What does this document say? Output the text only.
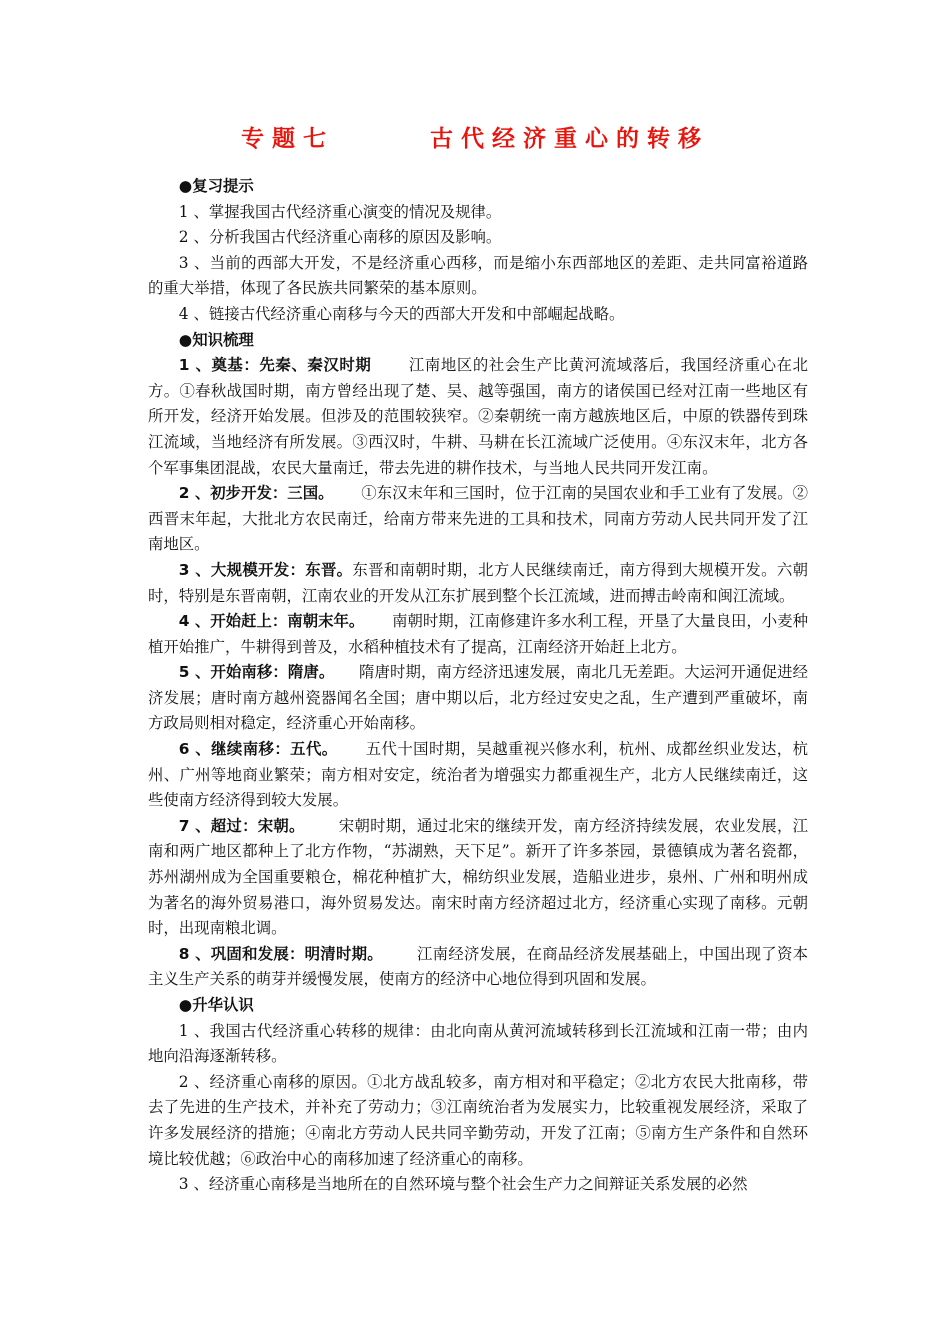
专题七      古代经济重心的转移

●复习提示

1 、掌握我国古代经济重心演变的情况及规律。

2 、分析我国古代经济重心南移的原因及影响。

3 、当前的西部大开发，不是经济重心西移，而是缩小东西部地区的差距、走共同富裕道路的重大举措，体现了各民族共同繁荣的基本原则。

4 、链接古代经济重心南移与今天的西部大开发和中部崛起战略。

●知识梳理

1 、奠基：先秦、秦汉时期 江南地区的社会生产比黄河流域落后，我国经济重心在北方。①春秋战国时期，南方曾经出现了楚、吴、越等强国，南方的诸侯国已经对江南一些地区有所开发，经济开始发展。但涉及的范围较狭窄。②秦朝统一南方越族地区后，中原的铁器传到珠江流域，当地经济有所发展。③西汉时，牛耕、马耕在长江流域广泛使用。④东汉末年，北方各个军事集团混战，农民大量南迁，带去先进的耕作技术，与当地人民共同开发江南。

2 、初步开发：三国。 ①东汉末年和三国时，位于江南的吴国农业和手工业有了发展。②西晋末年起，大批北方农民南迁，给南方带来先进的工具和技术，同南方劳动人民共同开发了江南地区。

3 、大规模开发：东晋。东晋和南朝时期，北方人民继续南迁，南方得到大规模开发。六朝时，特别是东晋南朝，江南农业的开发从江东扩展到整个长江流域，进而搏击岭南和闽江流域。

4 、开始赶上：南朝末年。 南朝时期，江南修建许多水利工程，开垦了大量良田，小麦种植开始推广，牛耕得到普及，水稻种植技术有了提高，江南经济开始赶上北方。

5 、开始南移：隋唐。 隋唐时期，南方经济迅速发展，南北几无差距。大运河开通促进经济发展；唐时南方越州瓷器闻名全国；唐中期以后，北方经过安史之乱，生产遭到严重破坏，南方政局则相对稳定，经济重心开始南移。

6 、继续南移：五代。 五代十国时期，吴越重视兴修水利，杭州、成都丝织业发达，杭州、广州等地商业繁荣；南方相对安定，统治者为增强实力都重视生产，北方人民继续南迁，这些使南方经济得到较大发展。

7 、超过：宋朝。 宋朝时期，通过北宋的继续开发，南方经济持续发展，农业发展，江南和两广地区都种上了北方作物，“苏湖熟，天下足”。新开了许多茶园，景德镇成为著名瓷都，苏州湖州成为全国重要粮仓，棉花种植扩大，棉纺织业发展，造船业进步，泉州、广州和明州成为著名的海外贸易港口，海外贸易发达。南宋时南方经济超过北方，经济重心实现了南移。元朝时，出现南粮北调。

8 、巩固和发展：明清时期。 江南经济发展，在商品经济发展基础上，中国出现了资本主义生产关系的萌芽并缓慢发展，使南方的经济中心地位得到巩固和发展。

●升华认识

1 、我国古代经济重心转移的规律：由北向南从黄河流域转移到长江流域和江南一带；由内地向沿海逐渐转移。

2 、经济重心南移的原因。①北方战乱较多，南方相对和平稳定；②北方农民大批南移，带去了先进的生产技术，并补充了劳动力；③江南统治者为发展实力，比较重视发展经济，采取了许多发展经济的措施；④南北方劳动人民共同辛勤劳动，开发了江南；⑤南方生产条件和自然环境比较优越；⑥政治中心的南移加速了经济重心的南移。

3 、经济重心南移是当地所在的自然环境与整个社会生产力之间辩证关系发展的必然
